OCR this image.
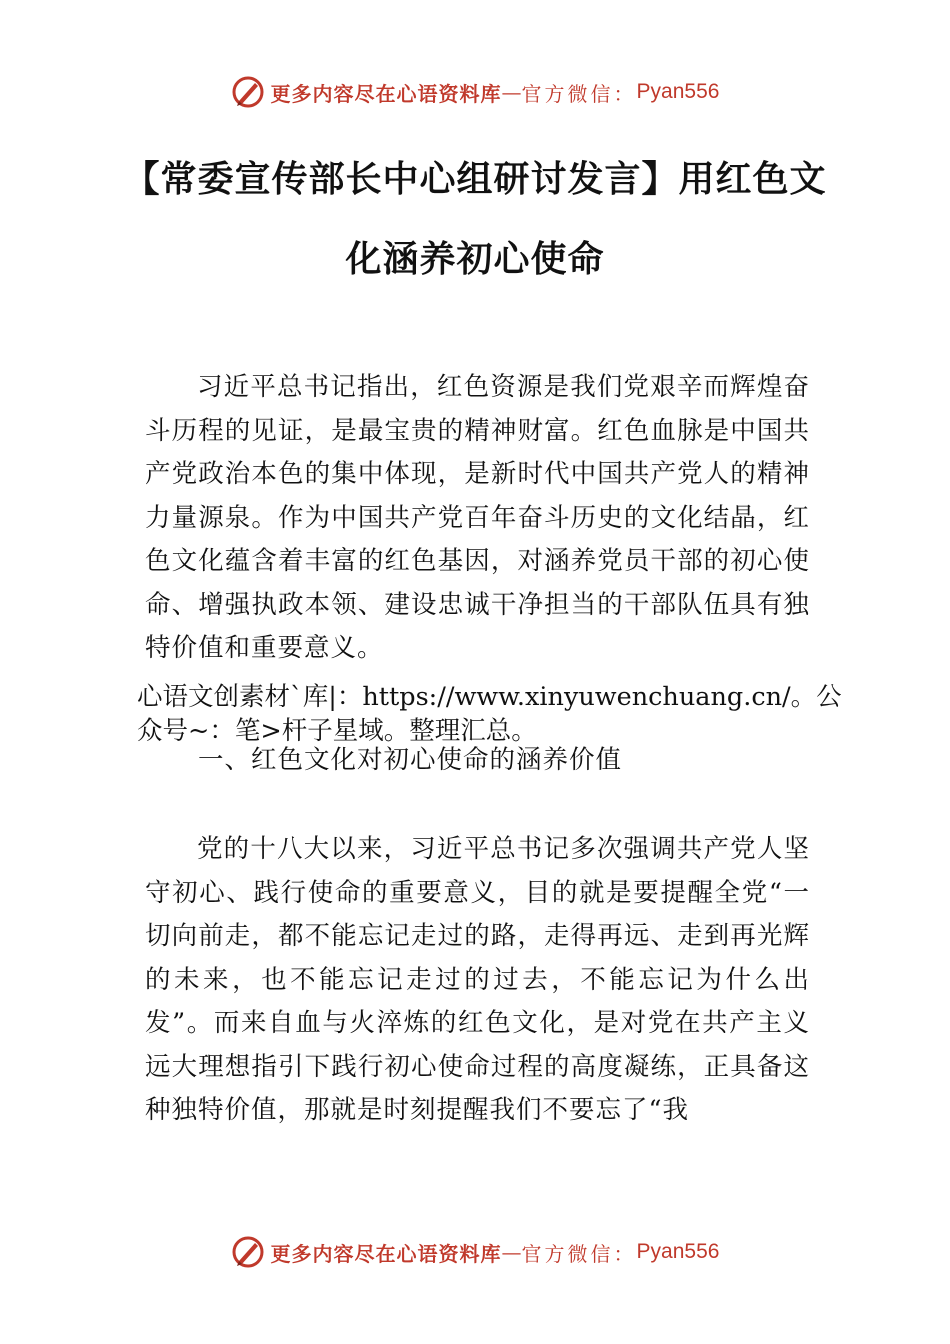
更多内容尽在心语资料库 — 官方微信： Pyan556
【常委宣传部长中心组研讨发言】用红色文
化涵养初心使命
习近平总书记指出，红色资源是我们党艰辛而辉煌奋斗历程的见证，是最宝贵的精神财富。红色血脉是中国共产党政治本色的集中体现，是新时代中国共产党人的精神力量源泉。作为中国共产党百年奋斗历史的文化结晶，红色文化蕴含着丰富的红色基因，对涵养党员干部的初心使命、增强执政本领、建设忠诚干净担当的干部队伍具有独特价值和重要意义。
心语文创素材`库|：https://www.xinyuwenchuang.cn/。公众号~：笔>杆子星域。整理汇总。
一、红色文化对初心使命的涵养价值
党的十八大以来，习近平总书记多次强调共产党人坚守初心、践行使命的重要意义，目的就是要提醒全党“一切向前走，都不能忘记走过的路，走得再远、走到再光辉的未来，也不能忘记走过的过去，不能忘记为什么出发”。而来自血与火淬炼的红色文化，是对党在共产主义远大理想指引下践行初心使命过程的高度凝练，正具备这种独特价值，那就是时刻提醒我们不要忘了“我
更多内容尽在心语资料库 — 官方微信： Pyan556
